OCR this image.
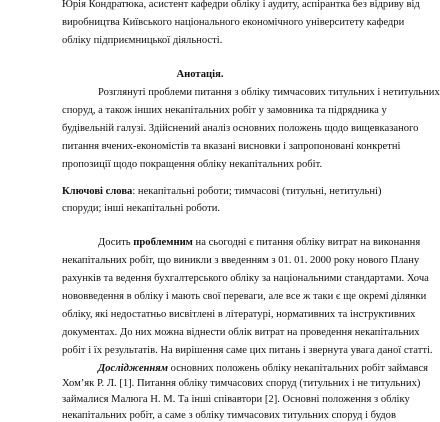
Юрія Кондратюка, асистент кафедри обліку і аудиту, аспірантка без відриву від

виробництва Київського національного економічного університету кафедри

обліку підприємницької діяльності.

Анотація.

Розглянуті проблеми питання з обліку тимчасових титульних і нетитульних

споруд, а також інших некапітальних робіт у замовника та підрядника у

будівельній галузі. Здійснений аналіз основних положень щодо вищевказаного

питання вчених-економістів та вказані висновки і запропоновані конкретні

пропозиції щодо покращення обліку некапітальних робіт.

Ключові слова: некапітальні роботи; тимчасові (титульні, нетитульні)

споруди; інші некапітальні роботи.

Досить проблемним на сьогодні є питання обліку витрат на виконання

некапітальних робіт, що виникли з введенням з 01. 01. 2000 року нового Плану

рахунків та ведення бухгалтерського обліку за національними стандартами. Хоча

нововведення в обліку і мають свої переваги, але все ж таки є ще окремі ділянки

обліку, які недостатньо висвітлені в літературі, нормативних та інструктивних

документах. До них можна віднести облік витрат на проведення некапітальних

робіт і їх результатів. На вирішення саме цих питань і звернута увага даної статті.

Дослідженням основних положень обліку некапітальних робіт займався

Хом’як Р. Л. [1]. Питання обліку тимчасових споруд (титульних і не титульних)

займалися Малюга Н. М. Та інші співавтори [2]. Основні положення з обліку

некапітальних робіт, а саме з обліку тимчасових титульних споруд і будов
